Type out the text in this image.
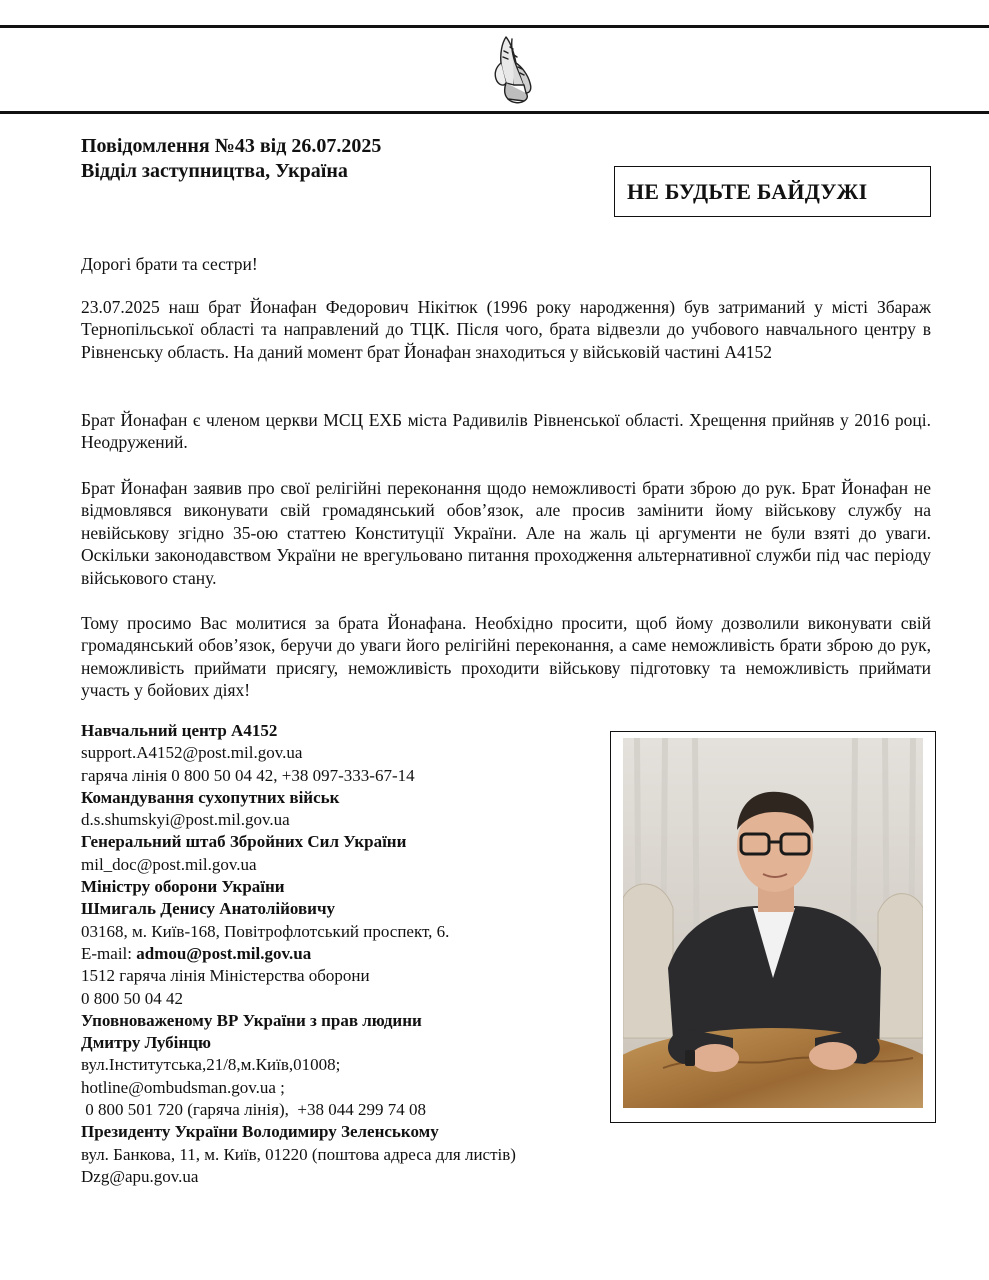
Повідомлення №43 від 26.07.2025
Відділ заступництва, Україна
НЕ БУДЬТЕ БАЙДУЖІ

Дорогі брати та сестри!

23.07.2025 наш брат Йонафан Федорович Нікітюк (1996 року народження) був затриманий у місті Збараж Тернопільської області та направлений до ТЦК. Після чого, брата відвезли до учбового навчального центру в Рівненську область. На даний момент брат Йонафан знаходиться у військовій частині А4152

Брат Йонафан є членом церкви МСЦ ЕХБ міста Радивилів Рівненської області. Хрещення прийняв у 2016 році. Неодружений.

Брат Йонафан заявив про свої релігійні переконання щодо неможливості брати зброю до рук. Брат Йонафан не відмовлявся виконувати свій громадянський обов’язок, але просив замінити йому військову службу на невійськову згідно 35-ою статтею Конституції України. Але на жаль ці аргументи не були взяті до уваги. Оскільки законодавством України не врегульовано питання проходження альтернативної служби під час періоду військового стану.

Тому просимо Вас молитися за брата Йонафана. Необхідно просити, щоб йому дозволили виконувати свій громадянський обов’язок, беручи до уваги його релігійні переконання, а саме неможливість брати зброю до рук, неможливість приймати присягу, неможливість проходити військову підготовку та неможливість приймати участь у бойових діях!

Навчальний центр А4152
support.A4152@post.mil.gov.ua
гаряча лінія 0 800 50 04 42, +38 097-333-67-14
Командування сухопутних військ
d.s.shumskyi@post.mil.gov.ua
Генеральний штаб Збройних Сил України
mil_doc@post.mil.gov.ua
Міністру оборони України
Шмигаль Денису Анатолійовичу
03168, м. Київ-168, Повітрофлотський проспект, 6.
E-mail: admou@post.mil.gov.ua
1512 гаряча лінія Міністерства оборони
0 800 50 04 42
Уповноваженому ВР України з прав людини
Дмитру Лубінцю
вул.Інститутська,21/8,м.Київ,01008;
hotline@ombudsman.gov.ua ;
0 800 501 720 (гаряча лінія),  +38 044 299 74 08
Президенту України Володимиру Зеленському
вул. Банкова, 11, м. Київ, 01220 (поштова адреса для листів)
Dzg@apu.gov.ua
